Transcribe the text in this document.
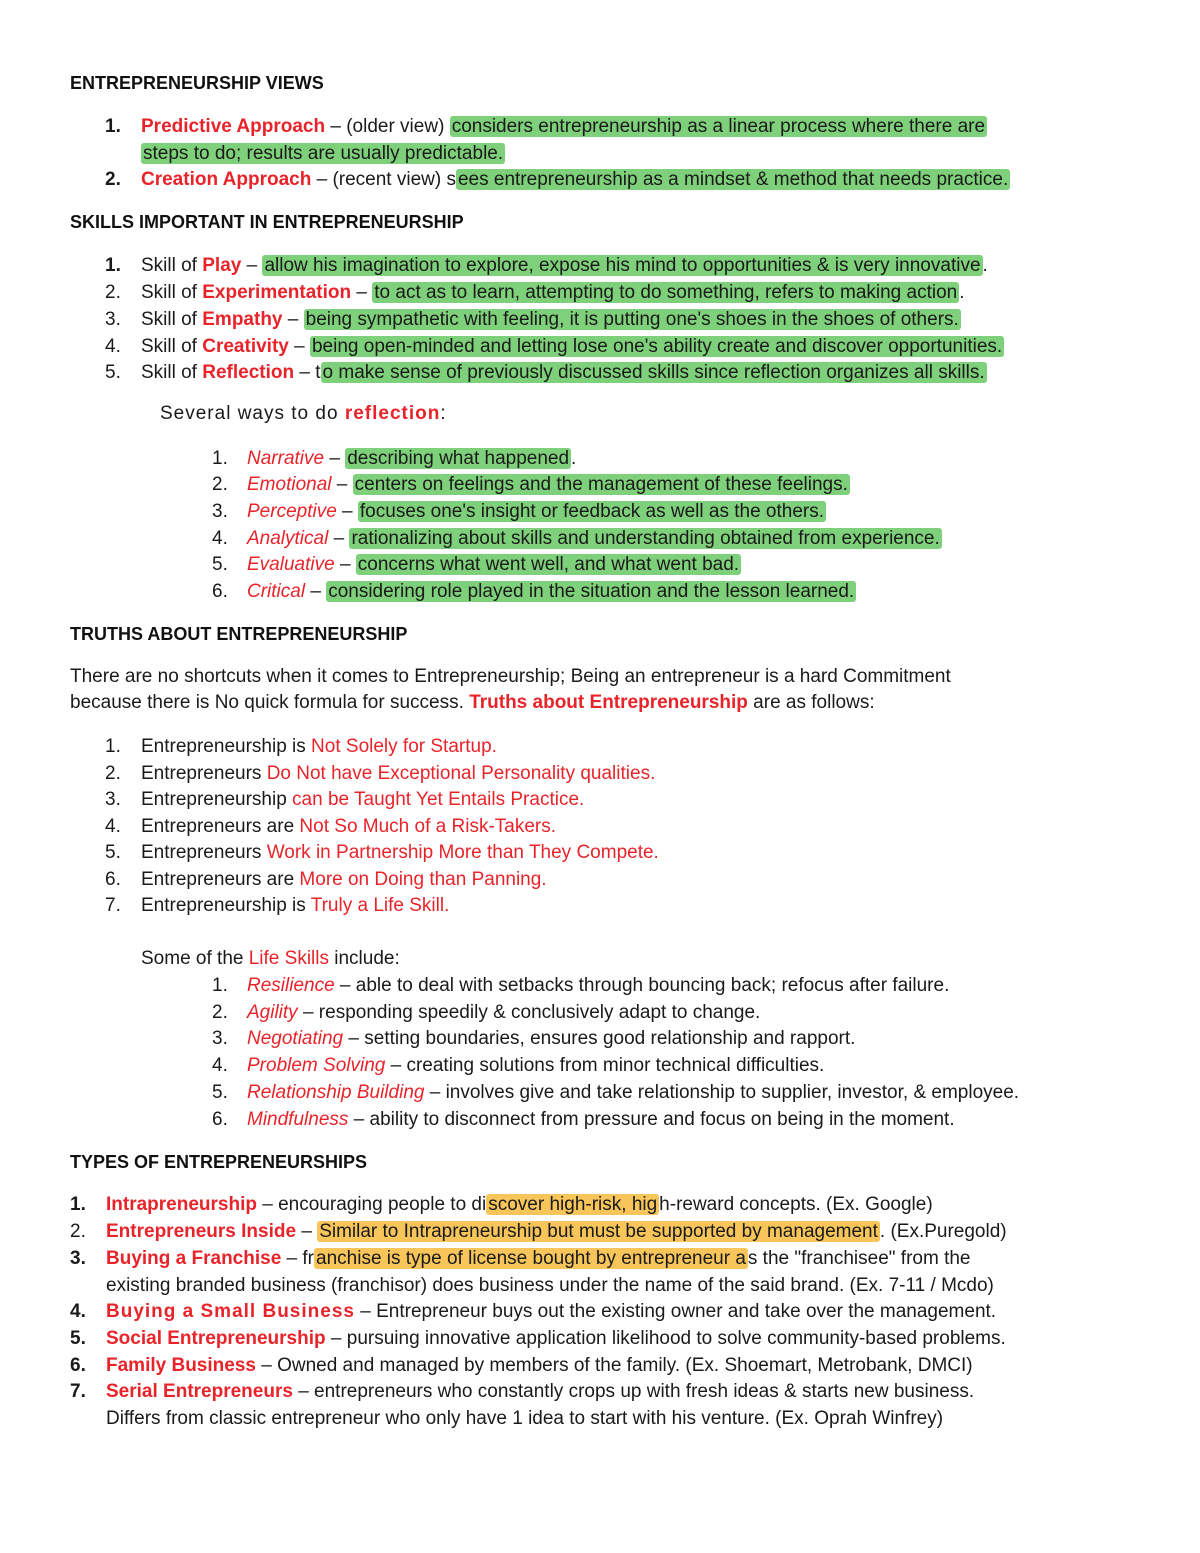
ENTREPRENEURSHIP VIEWS
1. Predictive Approach – (older view) considers entrepreneurship as a linear process where there are
steps to do; results are usually predictable.
2. Creation Approach – (recent view) s ees entrepreneurship as a mindset & method that needs practice.
SKILLS IMPORTANT IN ENTREPRENEURSHIP
1. Skill of Play – allow his imagination to explore, expose his mind to opportunities & is very innovative .
2. Skill of Experimentation – to act as to learn, attempting to do something, refers to making action .
3. Skill of Empathy – being sympathetic with feeling, it is putting one's shoes in the shoes of others.
4. Skill of Creativity – being open-minded and letting lose one's ability create and discover opportunities.
5. Skill of Reflection – t o make sense of previously discussed skills since reflection organizes all skills.
Several ways to do reflection:
1. Narrative – describing what happened .
2. Emotional – centers on feelings and the management of these feelings.
3. Perceptive – focuses one's insight or feedback as well as the others.
4. Analytical – rationalizing about skills and understanding obtained from experience.
5. Evaluative – concerns what went well, and what went bad.
6. Critical – considering role played in the situation and the lesson learned.
TRUTHS ABOUT ENTREPRENEURSHIP
There are no shortcuts when it comes to Entrepreneurship; Being an entrepreneur is a hard Commitment
because there is No quick formula for success. Truths about Entrepreneurship are as follows:
1. Entrepreneurship is Not Solely for Startup.
2. Entrepreneurs Do Not have Exceptional Personality qualities.
3. Entrepreneurship can be Taught Yet Entails Practice.
4. Entrepreneurs are Not So Much of a Risk-Takers.
5. Entrepreneurs Work in Partnership More than They Compete.
6. Entrepreneurs are More on Doing than Panning.
7. Entrepreneurship is Truly a Life Skill.
Some of the Life Skills include:
1. Resilience – able to deal with setbacks through bouncing back; refocus after failure.
2. Agility – responding speedily & conclusively adapt to change.
3. Negotiating – setting boundaries, ensures good relationship and rapport.
4. Problem Solving – creating solutions from minor technical difficulties.
5. Relationship Building – involves give and take relationship to supplier, investor, & employee.
6. Mindfulness – ability to disconnect from pressure and focus on being in the moment.
TYPES OF ENTREPRENEURSHIPS
1. Intrapreneurship – encouraging people to di scover high-risk, hig h-reward concepts. (Ex. Google)
2. Entrepreneurs Inside – Similar to Intrapreneurship but must be supported by management . (Ex.Puregold)
3. Buying a Franchise – fr anchise is type of license bought by entrepreneur a s the "franchisee" from the
existing branded business (franchisor) does business under the name of the said brand. (Ex. 7-11 / Mcdo)
4. Buying a Small Business – Entrepreneur buys out the existing owner and take over the management.
5. Social Entrepreneurship – pursuing innovative application likelihood to solve community-based problems.
6. Family Business – Owned and managed by members of the family. (Ex. Shoemart, Metrobank, DMCI)
7. Serial Entrepreneurs – entrepreneurs who constantly crops up with fresh ideas & starts new business.
Differs from classic entrepreneur who only have 1 idea to start with his venture. (Ex. Oprah Winfrey)
